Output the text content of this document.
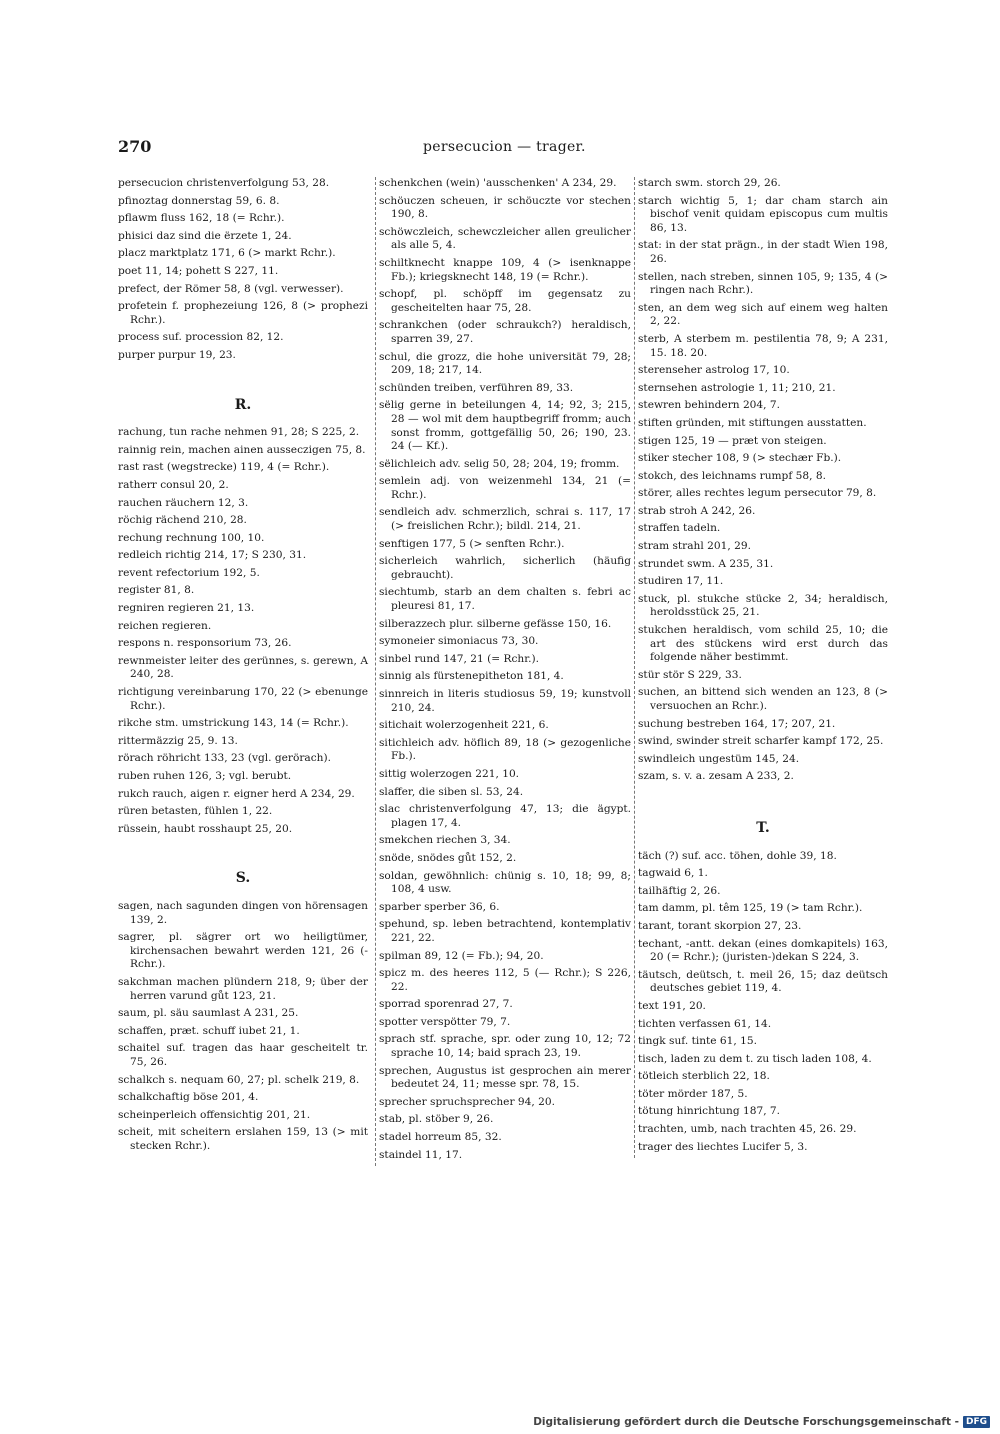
270	persecucion — trager.
persecucion christenverfolgung 53, 28.
pfinoztag donnerstag 59, 6. 8.
pflawm fluss 162, 18 (= Rchr.).
phisici daz sind die ërzete 1, 24.
placz marktplatz 171, 6 (> markt Rchr.).
poet 11, 14; pohett S 227, 11.
prefect, der Römer 58, 8 (vgl. verwesser).
profetein f. prophezeiung 126, 8 (> prophezi Rchr.).
process suf. procession 82, 12.
purper purpur 19, 23.
R.
rachung, tun rache nehmen 91, 28; S 225, 2.
rainnig rein, machen ainen ausseczigen 75, 8.
rast rast (wegstrecke) 119, 4 (= Rchr.).
ratherr consul 20, 2.
rauchen räuchern 12, 3.
röchig rächend 210, 28.
rechung rechnung 100, 10.
redleich richtig 214, 17; S 230, 31.
revent refectorium 192, 5.
register 81, 8.
regniren regieren 21, 13.
reichen regieren.
respons n. responsorium 73, 26.
rewnmeister leiter des gerünnes, s. gerewn, A 240, 28.
richtigung vereinbarung 170, 22 (> ebenunge Rchr.).
rikche stm. umstrickung 143, 14 (= Rchr.).
rittermäzzig 25, 9. 13.
rörach röhricht 133, 23 (vgl. gerörach).
ruben ruhen 126, 3; vgl. berubt.
rukch rauch, aigen r. eigner herd A 234, 29.
rüren betasten, fühlen 1, 22.
rüssein, haubt rosshaupt 25, 20.
S.
sagen, nach sagunden dingen von hörensagen 139, 2.
sagrer, pl. sägrer ort wo heiligtümer, kirchensachen bewahrt werden 121, 26 (-Rchr.).
sakchman machen plündern 218, 9; über der herren varund gůt 123, 21.
saum, pl. säu saumlast A 231, 25.
schaffen, præt. schuff iubet 21, 1.
schaitel suf. tragen das haar gescheitelt tr. 75, 26.
schalkch s. nequam 60, 27; pl. schelk 219, 8.
schalkchaftig böse 201, 4.
scheinperleich offensichtig 201, 21.
scheit, mit scheitern erslahen 159, 13 (> mit stecken Rchr.).
schenkchen (wein) 'ausschenken' A 234, 29.
schöuczen scheuen, ir schöuczte vor stechen 190, 8.
schöwczleich, schewczleicher allen greulicher als alle 5, 4.
schiltknecht knappe 109, 4 (> isenknappe Fb.); kriegsknecht 148, 19 (= Rchr.).
schopf, pl. schöpff im gegensatz zu gescheitelten haar 75, 28.
schrankchen (oder schraukch?) heraldisch, sparren 39, 27.
schul, die grozz, die hohe universität 79, 28; 209, 18; 217, 14.
schünden treiben, verführen 89, 33.
sëlig gerne in beteilungen 4, 14; 92, 3; 215, 28 — wol mit dem hauptbegriff fromm; auch sonst fromm, gottgefällig 50, 26; 190, 23. 24 (— Kf.).
sëlichleich adv. selig 50, 28; 204, 19; fromm.
semlein adj. von weizenmehl 134, 21 (= Rchr.).
sendleich adv. schmerzlich, schrai s. 117, 17 (> freislichen Rchr.); bildl. 214, 21.
senftigen 177, 5 (> senften Rchr.).
sicherleich wahrlich, sicherlich (häufig gebraucht).
siechtumb, starb an dem chalten s. febri ac pleuresi 81, 17.
silberazzech plur. silberne gefässe 150, 16.
symoneier simoniacus 73, 30.
sinbel rund 147, 21 (= Rchr.).
sinnig als fürstenepitheton 181, 4.
sinnreich in literis studiosus 59, 19; kunstvoll 210, 24.
sitichait wolerzogenheit 221, 6.
sitichleich adv. höflich 89, 18 (> gezogenliche Fb.).
sittig wolerzogen 221, 10.
slaffer, die siben sl. 53, 24.
slac christenverfolgung 47, 13; die ägypt. plagen 17, 4.
smekchen riechen 3, 34.
snöde, snödes gůt 152, 2.
soldan, gewöhnlich: chünig s. 10, 18; 99, 8; 108, 4 usw.
sparber sperber 36, 6.
spehund, sp. leben betrachtend, kontemplativ 221, 22.
spilman 89, 12 (= Fb.); 94, 20.
spicz m. des heeres 112, 5 (— Rchr.); S 226, 22.
sporrad sporenrad 27, 7.
spotter verspötter 79, 7.
sprach stf. sprache, spr. oder zung 10, 12; 72 sprache 10, 14; baid sprach 23, 19.
sprechen, Augustus ist gesprochen ain merer bedeutet 24, 11; messe spr. 78, 15.
sprecher spruchsprecher 94, 20.
stab, pl. stöber 9, 26.
stadel horreum 85, 32.
staindel 11, 17.
starch swm. storch 29, 26.
starch wichtig 5, 1; dar cham starch ain bischof venit quidam episcopus cum multis 86, 13.
stat: in der stat prägn., in der stadt Wien 198, 26.
stellen, nach streben, sinnen 105, 9; 135, 4 (> ringen nach Rchr.).
sten, an dem weg sich auf einem weg halten 2, 22.
sterb, A sterbem m. pestilentia 78, 9; A 231, 15. 18. 20.
sterenseher astrolog 17, 10.
sternsehen astrologie 1, 11; 210, 21.
stewren behindern 204, 7.
stiften gründen, mit stiftungen ausstatten.
stigen 125, 19 — præt von steigen.
stiker stecher 108, 9 (> stechær Fb.).
stokch, des leichnams rumpf 58, 8.
störer, alles rechtes legum persecutor 79, 8.
strab stroh A 242, 26.
straffen tadeln.
stram strahl 201, 29.
strundet swm. A 235, 31.
studiren 17, 11.
stuck, pl. stukche stücke 2, 34; heraldisch, heroldsstück 25, 21.
stukchen heraldisch, vom schild 25, 10; die art des stückens wird erst durch das folgende näher bestimmt.
stür stör S 229, 33.
suchen, an bittend sich wenden an 123, 8 (> versuochen an Rchr.).
suchung bestreben 164, 17; 207, 21.
swind, swinder streit scharfer kampf 172, 25.
swindleich ungestüm 145, 24.
szam, s. v. a. zesam A 233, 2.
T.
täch (?) suf. acc. töhen, dohle 39, 18.
tagwaid 6, 1.
tailhäftig 2, 26.
tam damm, pl. têm 125, 19 (> tam Rchr.).
tarant, torant skorpion 27, 23.
techant, -antt. dekan (eines domkapitels) 163, 20 (= Rchr.); (juristen-)dekan S 224, 3.
täutsch, deütsch, t. meil 26, 15; daz deütsch deutsches gebiet 119, 4.
text 191, 20.
tichten verfassen 61, 14.
tingk suf. tinte 61, 15.
tisch, laden zu dem t. zu tisch laden 108, 4.
tötleich sterblich 22, 18.
töter mörder 187, 5.
tötung hinrichtung 187, 7.
trachten, umb, nach trachten 45, 26. 29.
trager des liechtes Lucifer 5, 3.
Digitalisierung gefördert durch die Deutsche Forschungsgemeinschaft - DFG
